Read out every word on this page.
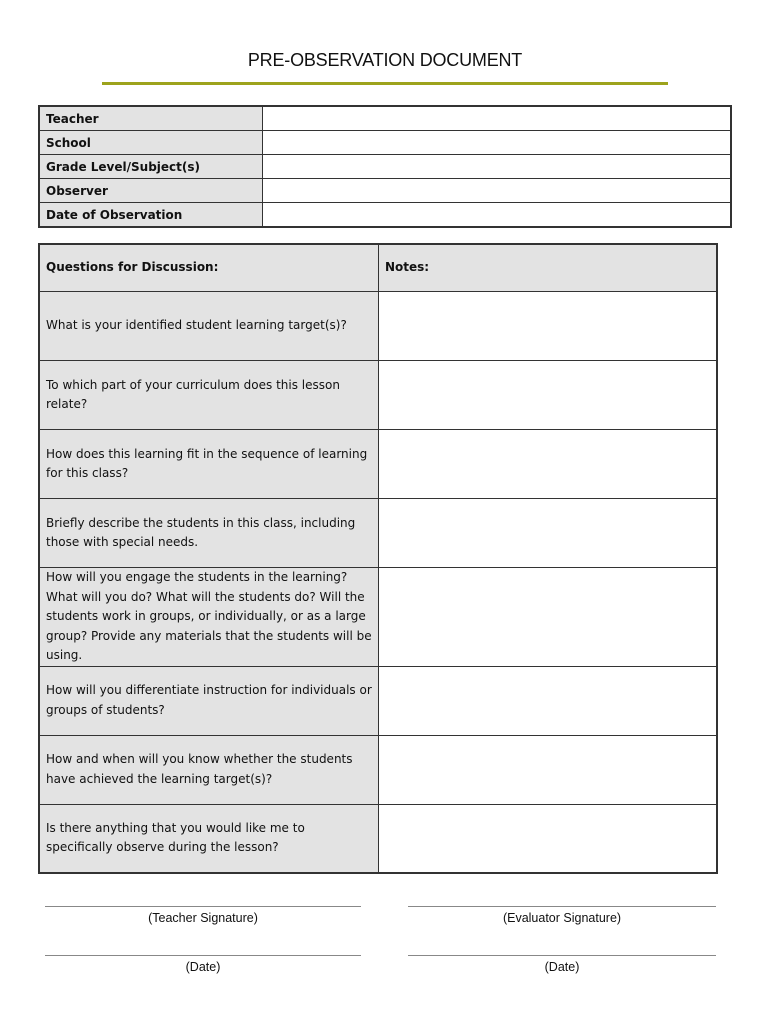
PRE-OBSERVATION DOCUMENT
Teacher	
School	
Grade Level/Subject(s)	
Observer	
Date of Observation	
Questions for Discussion:	Notes:

What is your identified student learning target(s)?	

To which part of your curriculum does this lesson relate?	

How does this learning fit in the sequence of learning for this class?	

Briefly describe the students in this class, including those with special needs.	

How will you engage the students in the learning? What will you do? What will the students do? Will the students work in groups, or individually, or as a large group? Provide any materials that the students will be using.	

How will you differentiate instruction for individuals or groups of students?	

How and when will you know whether the students have achieved the learning target(s)?	

Is there anything that you would like me to specifically observe during the lesson?	

(Teacher Signature)	(Evaluator Signature)
(Date)	(Date)
